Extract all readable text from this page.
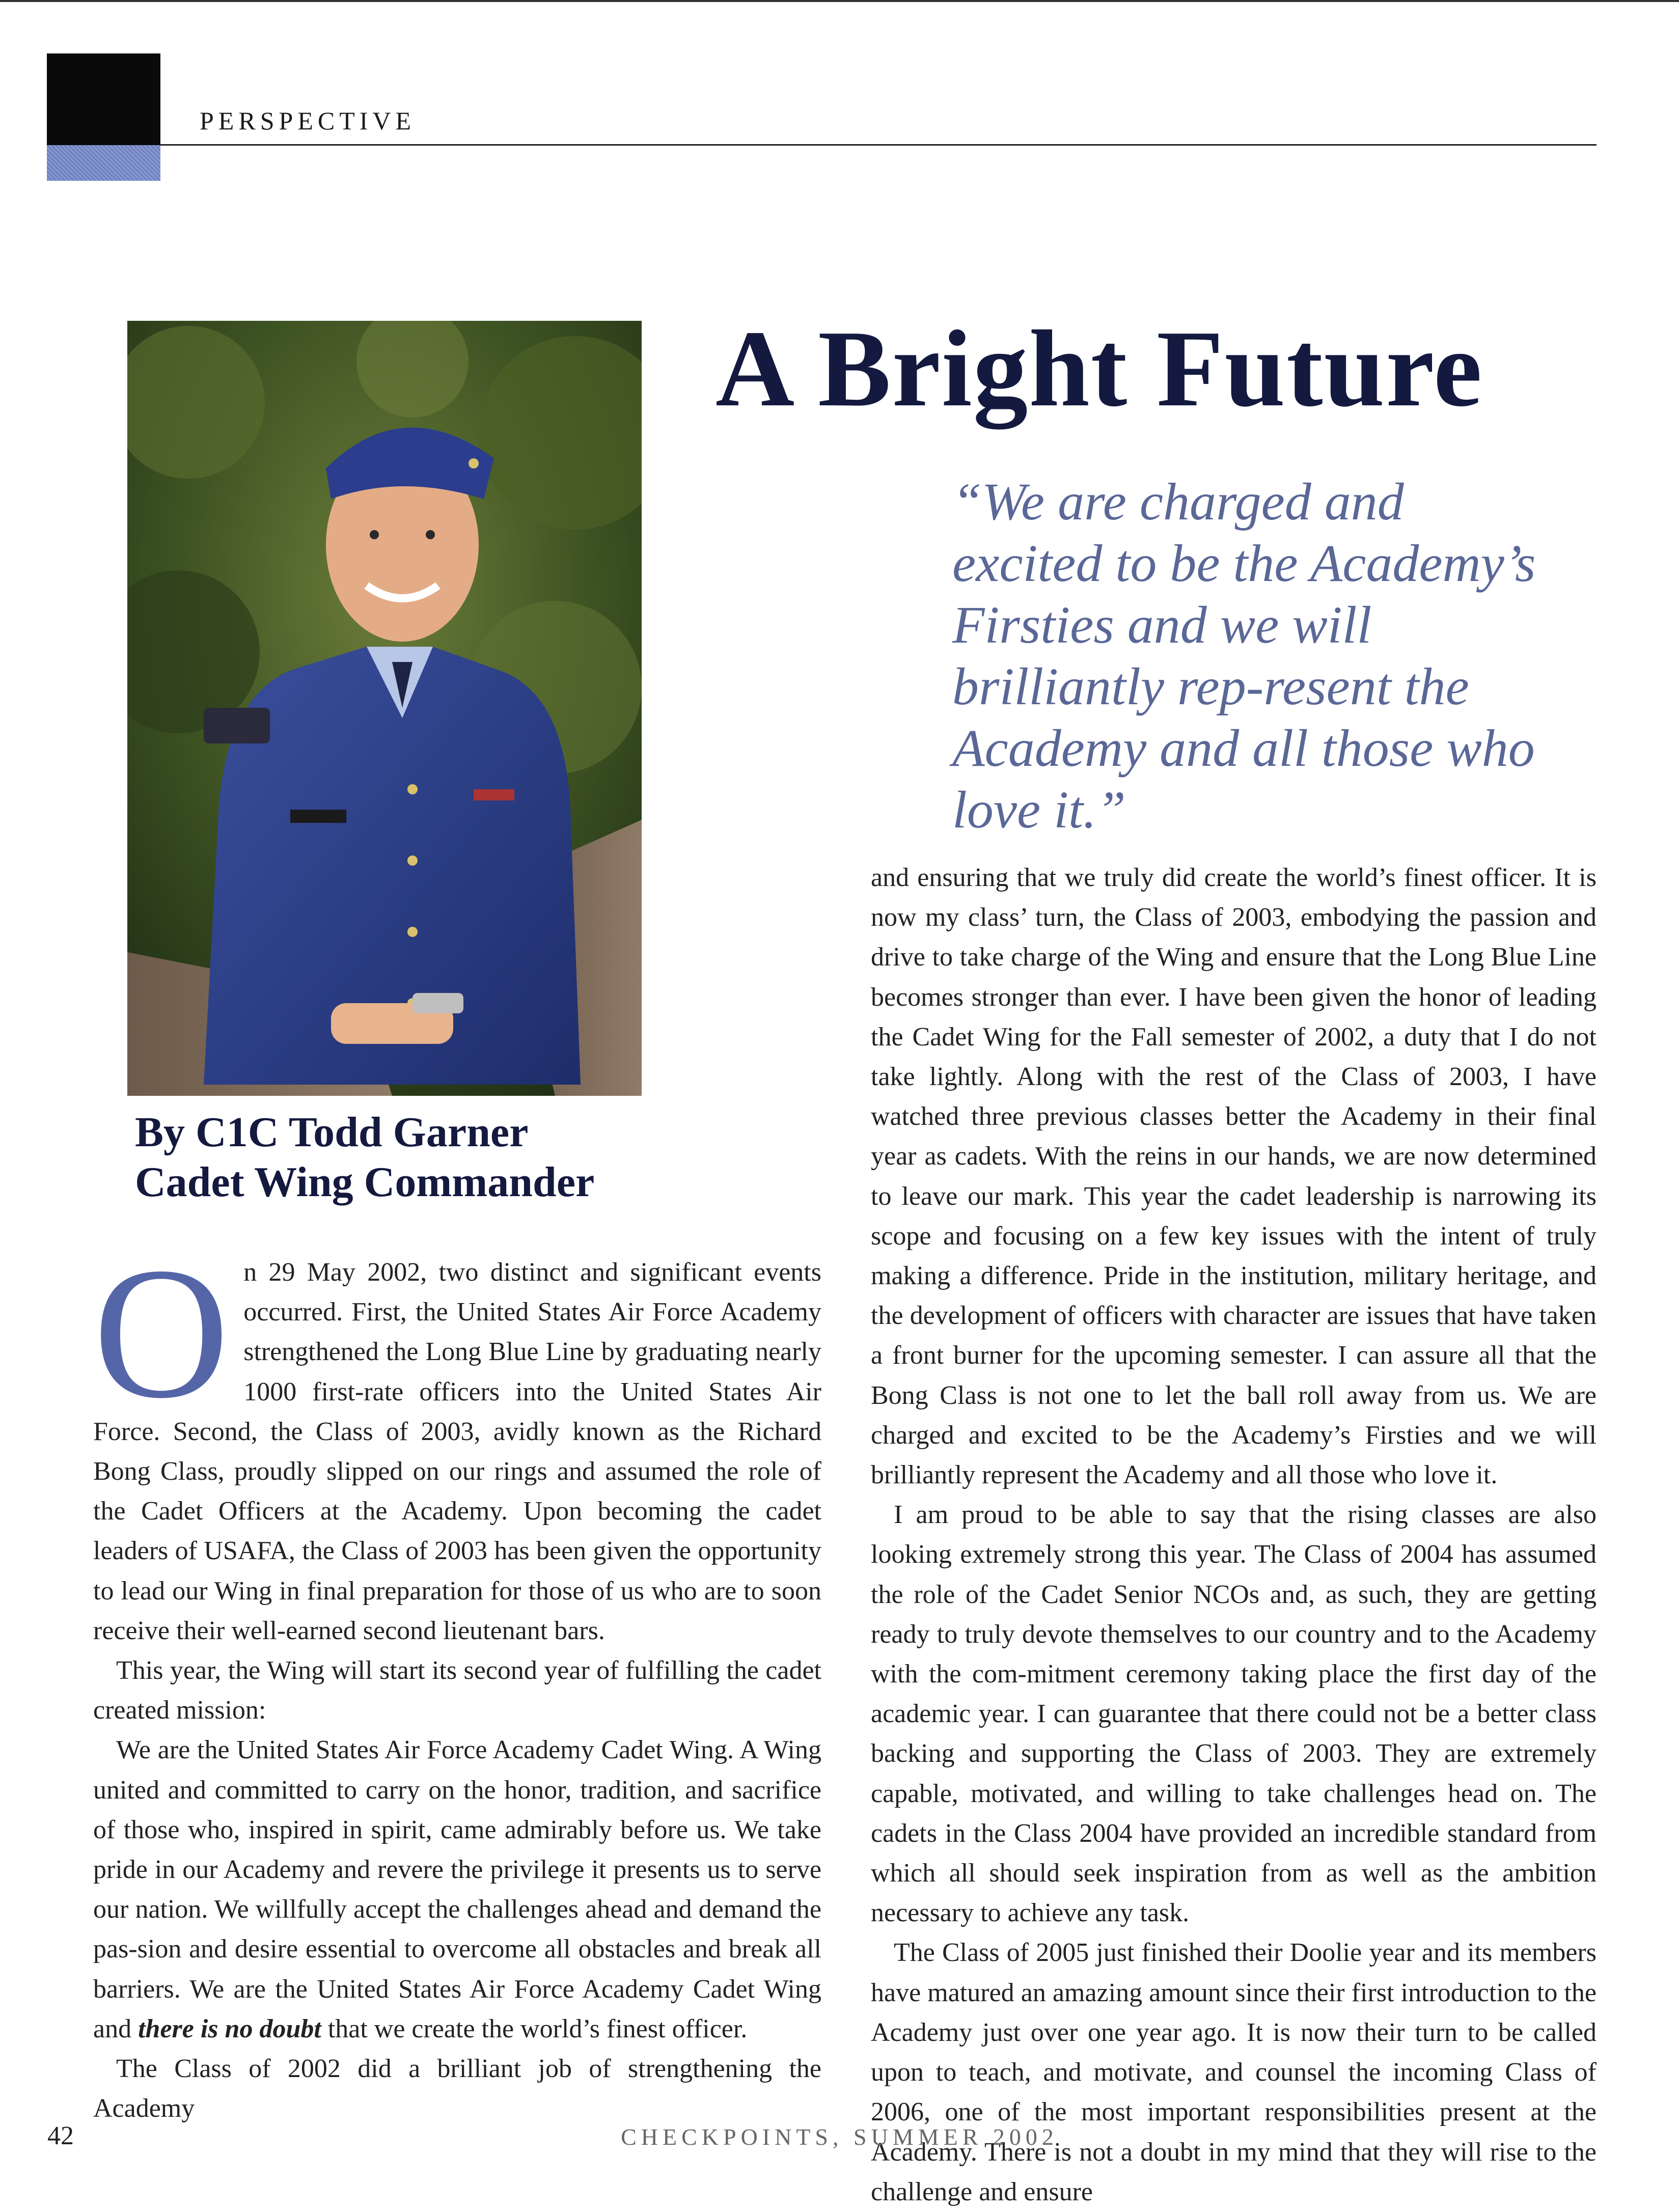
PERSPECTIVE
A Bright Future

“We are charged and excited to be the Academy’s Firsties and we will brilliantly rep-resent the Academy and all those who love it.”

By C1C Todd Garner
Cadet Wing Commander

On 29 May 2002, two distinct and significant events occurred. First, the United States Air Force Academy strengthened the Long Blue Line by graduating nearly 1000 first-rate officers into the United States Air Force. Second, the Class of 2003, avidly known as the Richard Bong Class, proudly slipped on our rings and assumed the role of the Cadet Officers at the Academy. Upon becoming the cadet leaders of USAFA, the Class of 2003 has been given the opportunity to lead our Wing in final preparation for those of us who are to soon receive their well-earned second lieutenant bars.

This year, the Wing will start its second year of fulfilling the cadet created mission:

We are the United States Air Force Academy Cadet Wing. A Wing united and committed to carry on the honor, tradition, and sacrifice of those who, inspired in spirit, came admirably before us. We take pride in our Academy and revere the privilege it presents us to serve our nation. We willfully accept the challenges ahead and demand the pas-sion and desire essential to overcome all obstacles and break all barriers. We are the United States Air Force Academy Cadet Wing and there is no doubt that we create the world’s finest officer.

The Class of 2002 did a brilliant job of strengthening the Academy

and ensuring that we truly did create the world’s finest officer. It is now my class’ turn, the Class of 2003, embodying the passion and drive to take charge of the Wing and ensure that the Long Blue Line becomes stronger than ever. I have been given the honor of leading the Cadet Wing for the Fall semester of 2002, a duty that I do not take lightly. Along with the rest of the Class of 2003, I have watched three previous classes better the Academy in their final year as cadets. With the reins in our hands, we are now determined to leave our mark. This year the cadet leadership is narrowing its scope and focusing on a few key issues with the intent of truly making a difference. Pride in the institution, military heritage, and the development of officers with character are issues that have taken a front burner for the upcoming semester. I can assure all that the Bong Class is not one to let the ball roll away from us. We are charged and excited to be the Academy’s Firsties and we will brilliantly represent the Academy and all those who love it.

I am proud to be able to say that the rising classes are also looking extremely strong this year. The Class of 2004 has assumed the role of the Cadet Senior NCOs and, as such, they are getting ready to truly devote themselves to our country and to the Academy with the com-mitment ceremony taking place the first day of the academic year. I can guarantee that there could not be a better class backing and supporting the Class of 2003. They are extremely capable, motivated, and willing to take challenges head on. The cadets in the Class 2004 have provided an incredible standard from which all should seek inspiration from as well as the ambition necessary to achieve any task.

The Class of 2005 just finished their Doolie year and its members have matured an amazing amount since their first introduction to the Academy just over one year ago. It is now their turn to be called upon to teach, and motivate, and counsel the incoming Class of 2006, one of the most important responsibilities present at the Academy. There is not a doubt in my mind that they will rise to the challenge and ensure

42	CHECKPOINTS, SUMMER 2002
